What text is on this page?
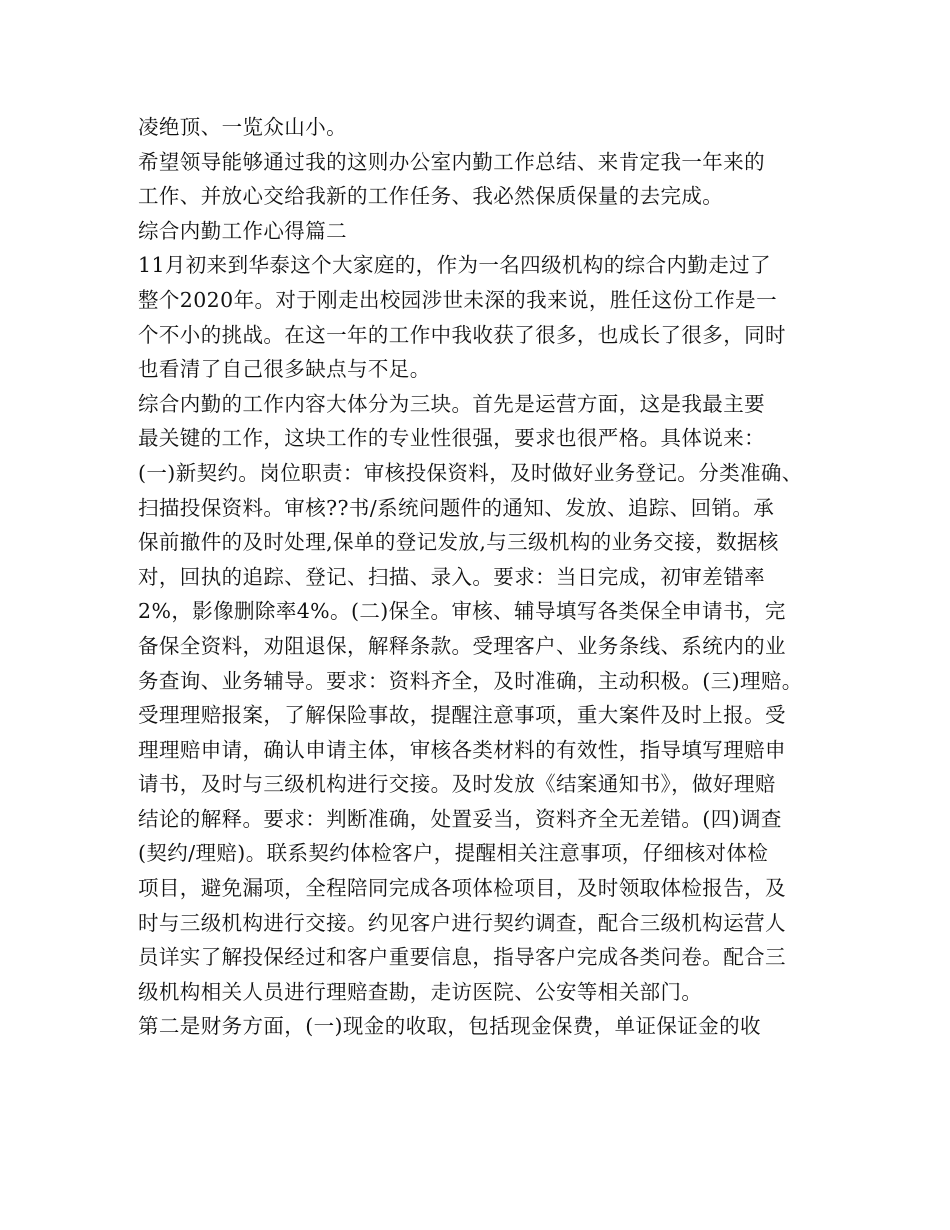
凌绝顶、一览众山小。
希望领导能够通过我的这则办公室内勤工作总结、来肯定我一年来的
工作、并放心交给我新的工作任务、我必然保质保量的去完成。
综合内勤工作心得篇二
11月初来到华泰这个大家庭的，作为一名四级机构的综合内勤走过了
整个2020年。对于刚走出校园涉世未深的我来说，胜任这份工作是一
个不小的挑战。在这一年的工作中我收获了很多，也成长了很多，同时
也看清了自己很多缺点与不足。
综合内勤的工作内容大体分为三块。首先是运营方面，这是我最主要
最关键的工作，这块工作的专业性很强，要求也很严格。具体说来：
(一)新契约。岗位职责：审核投保资料，及时做好业务登记。分类准确、
扫描投保资料。审核??书/系统问题件的通知、发放、追踪、回销。承
保前撤件的及时处理,保单的登记发放,与三级机构的业务交接，数据核
对，回执的追踪、登记、扫描、录入。要求：当日完成，初审差错率
2%，影像删除率4%。(二)保全。审核、辅导填写各类保全申请书，完
备保全资料，劝阻退保，解释条款。受理客户、业务条线、系统内的业
务查询、业务辅导。要求：资料齐全，及时准确，主动积极。(三)理赔。
受理理赔报案，了解保险事故，提醒注意事项，重大案件及时上报。受
理理赔申请，确认申请主体，审核各类材料的有效性，指导填写理赔申
请书，及时与三级机构进行交接。及时发放《结案通知书》，做好理赔
结论的解释。要求：判断准确，处置妥当，资料齐全无差错。(四)调查
(契约/理赔)。联系契约体检客户，提醒相关注意事项，仔细核对体检
项目，避免漏项，全程陪同完成各项体检项目，及时领取体检报告，及
时与三级机构进行交接。约见客户进行契约调查，配合三级机构运营人
员详实了解投保经过和客户重要信息，指导客户完成各类问卷。配合三
级机构相关人员进行理赔查勘，走访医院、公安等相关部门。
第二是财务方面，(一)现金的收取，包括现金保费，单证保证金的收
